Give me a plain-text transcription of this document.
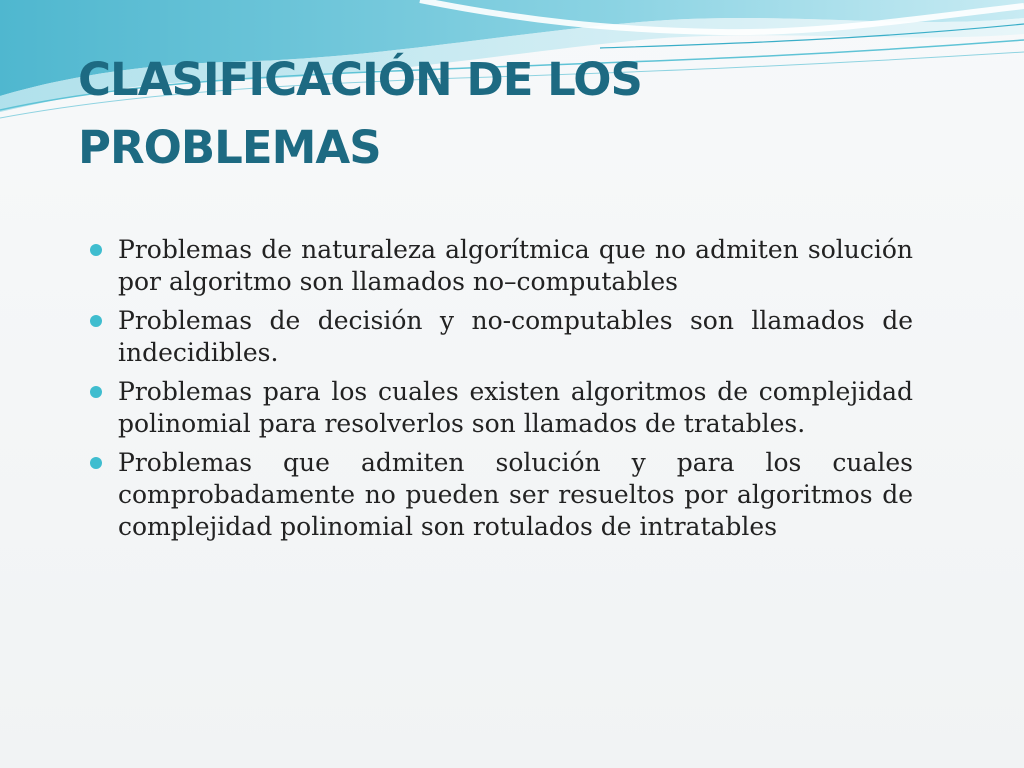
CLASIFICACIÓN DE LOS PROBLEMAS
Problemas de naturaleza algorítmica que no admiten solución por algoritmo son llamados no–computables
Problemas de decisión y no-computables son llamados de indecidibles.
Problemas para los cuales existen algoritmos de complejidad polinomial para resolverlos son llamados de tratables.
Problemas que admiten solución y para los cuales comprobadamente no pueden ser resueltos por algoritmos de complejidad polinomial son rotulados de intratables
